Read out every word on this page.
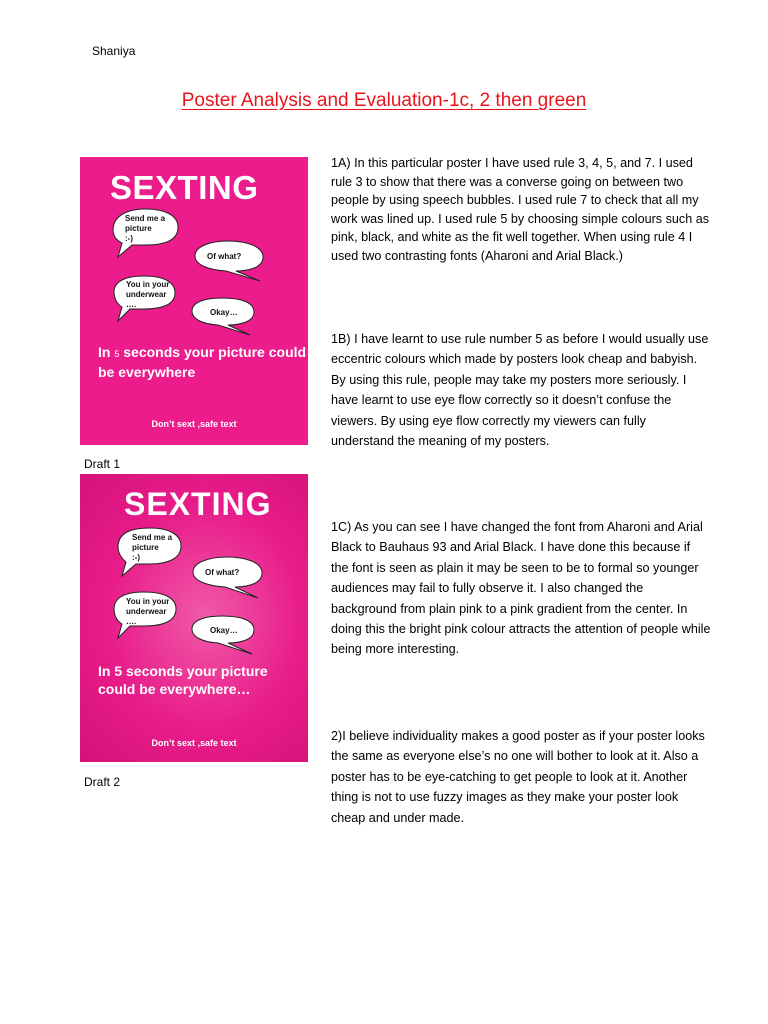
Shaniya
Poster Analysis and Evaluation-1c, 2 then green
SEXTING
Send me a
picture
:-)
Of what?
You in your
underwear
….
Okay…
In 5 seconds your picture could be everywhere
Don’t sext ,safe text
Draft 1
SEXTING
Send me a
picture
:-)
Of what?
You in your
underwear
….
Okay…
In 5 seconds your picture could be everywhere…
Don’t sext ,safe text
Draft 2
1A) In this particular poster I have used rule 3, 4, 5, and 7. I used rule 3 to show that there was a converse going on between two people by using speech bubbles. I used rule 7 to check that all my work was lined up. I used rule 5 by choosing simple colours such as pink, black, and white as the fit well together. When using rule 4 I used two contrasting fonts (Aharoni and Arial Black.)
1B) I have learnt to use rule number 5 as before I would usually use eccentric colours which made by posters look cheap and babyish. By using this rule, people may take my posters more seriously. I have learnt to use eye flow correctly so it doesn’t confuse the viewers. By using eye flow correctly my viewers can fully understand the meaning of my posters.
1C) As you can see I have changed the font from Aharoni and Arial Black to Bauhaus 93 and Arial Black. I have done this because if the font is seen as plain it may be seen to be to formal so younger audiences may fail to fully observe it. I also changed the background from plain pink to a pink gradient from the center. In doing this the bright pink colour attracts the attention of people while being more interesting.
2)I believe individuality makes a good poster as if your poster looks the same as everyone else’s no one will bother to look at it. Also a poster has to be eye-catching to get people to look at it. Another thing is not to use fuzzy images as they make your poster look cheap and under made.
